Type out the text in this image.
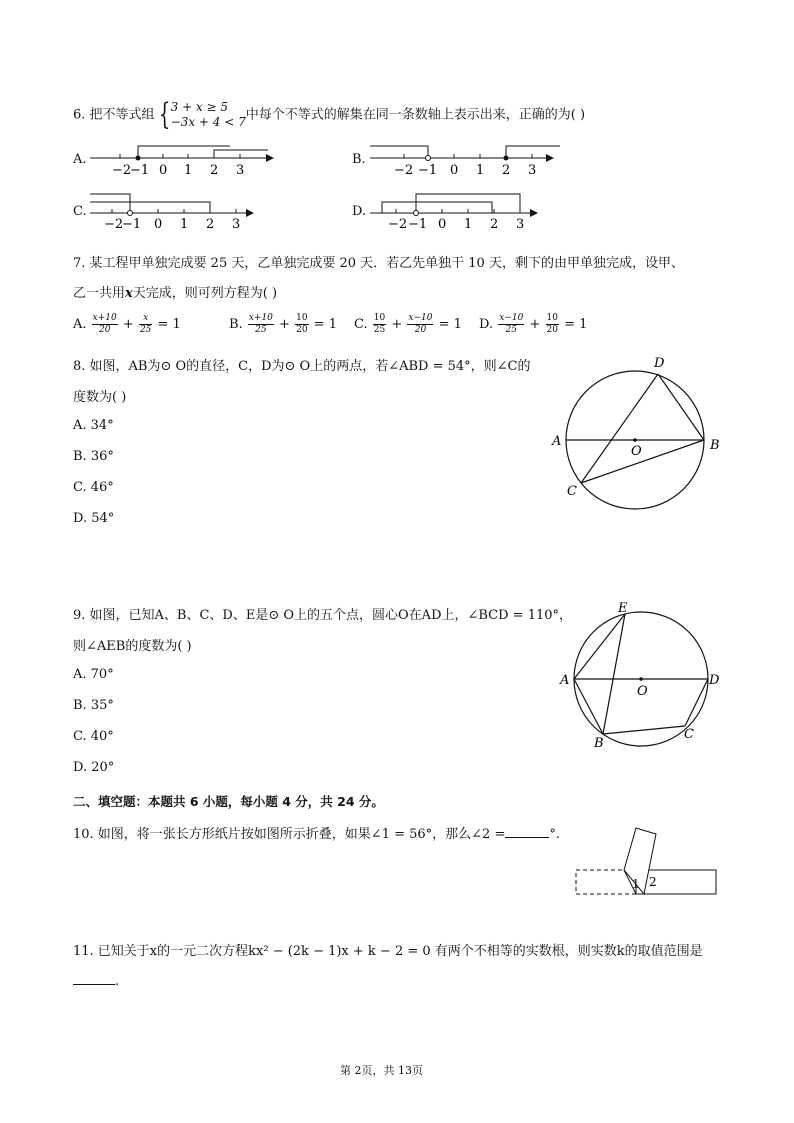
6. 把不等式组 { 3 + x ≥ 5
−3x + 4 < 7 中每个不等式的解集在同一条数轴上表示出来，正确的为( )
A.	B.
C.	D.
−2
−1 0 1 2 3	−2 −1 0 1 2 3
−2
−1 0 1 2 3	−2 −1 0 1 2 3
7. 某工程甲单独完成要 25 天，乙单独完成要 20 天．若乙先单独干 10 天，剩下的由甲单独完成，设甲、
乙一共用x天完成，则可列方程为( )
A. $\frac{x+10}{20} + \frac{x}{25} = 1$	B. $\frac{x+10}{25} + \frac{10}{20} = 1$ C. $\frac{10}{25} + \frac{x-10}{20} = 1$ D. $\frac{x-10}{25} + \frac{10}{20} = 1$
8. 如图，AB为⊙ O的直径，C，D为⊙ O上的两点，若∠ABD = 54°，则∠C的
度数为( )
A. 34°
B. 36°
C. 46°
D. 54°
A	B
C
D
O
9. 如图，已知A、B、C、D、E是⊙ O上的五个点，圆心O在AD上，∠BCD = 110°，
则∠AEB的度数为( )
A. 70°
B. 35°
C. 40°
D. 20°
A
B
C
D
E
O
二、填空题：本题共 6 小题，每小题 4 分，共 24 分。
10. 如图，将一张长方形纸片按如图所示折叠，如果∠1 = 56°，那么∠2 =	°.
1 2
11. 已知关于x的一元二次方程kx² − (2k − 1)x + k − 2 = 0 有两个不相等的实数根，则实数k的取值范围是
.
第 2页，共 13页
